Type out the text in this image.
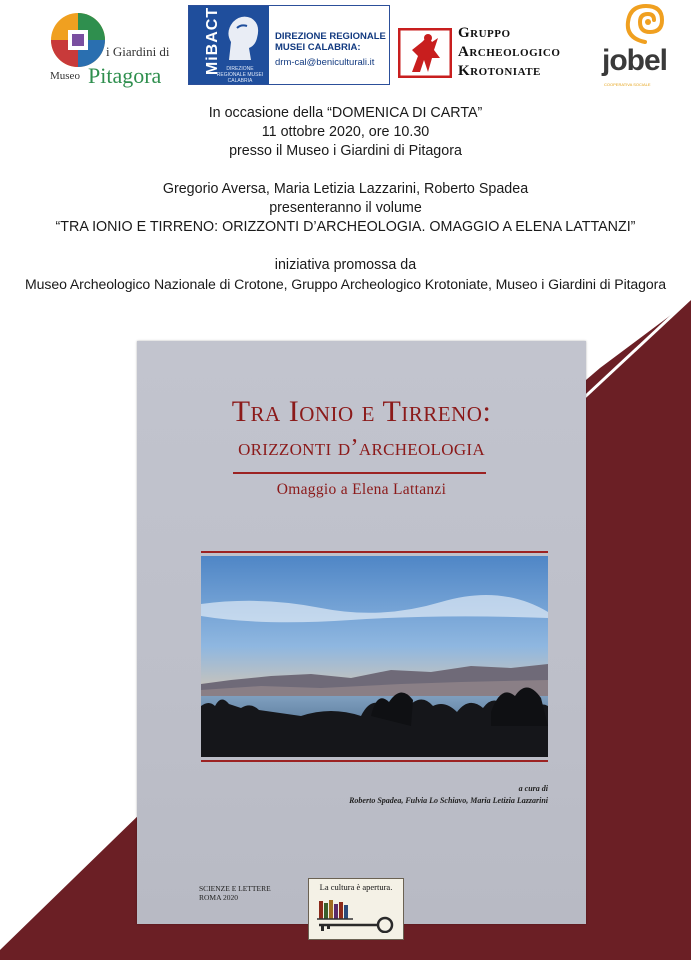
i Giardini di
Museo Pitagora
MiBACT	DIREZIONE REGIONALE MUSEI CALABRIA
DIREZIONE REGIONALE MUSEI CALABRIA:
drm-cal@beniculturali.it
Gruppo
Archeologico
Krotoniate	jobel
COOPERATIVA SOCIALE
In occasione della “DOMENICA DI CARTA”
11 ottobre 2020, ore 10.30
presso il Museo i Giardini di Pitagora
Gregorio Aversa, Maria Letizia Lazzarini, Roberto Spadea
presenteranno il volume
“TRA IONIO E TIRRENO: ORIZZONTI D’ARCHEOLOGIA. OMAGGIO A ELENA LATTANZI”
iniziativa promossa da
Museo Archeologico Nazionale di Crotone, Gruppo Archeologico Krotoniate, Museo i Giardini di Pitagora
Tra Ionio e Tirreno:
orizzonti d’archeologia
Omaggio a Elena Lattanzi
a cura di
Roberto Spadea, Fulvia Lo Schiavo, Maria Letizia Lazzarini
SCIENZE E LETTERE
ROMA 2020
La cultura è apertura.
